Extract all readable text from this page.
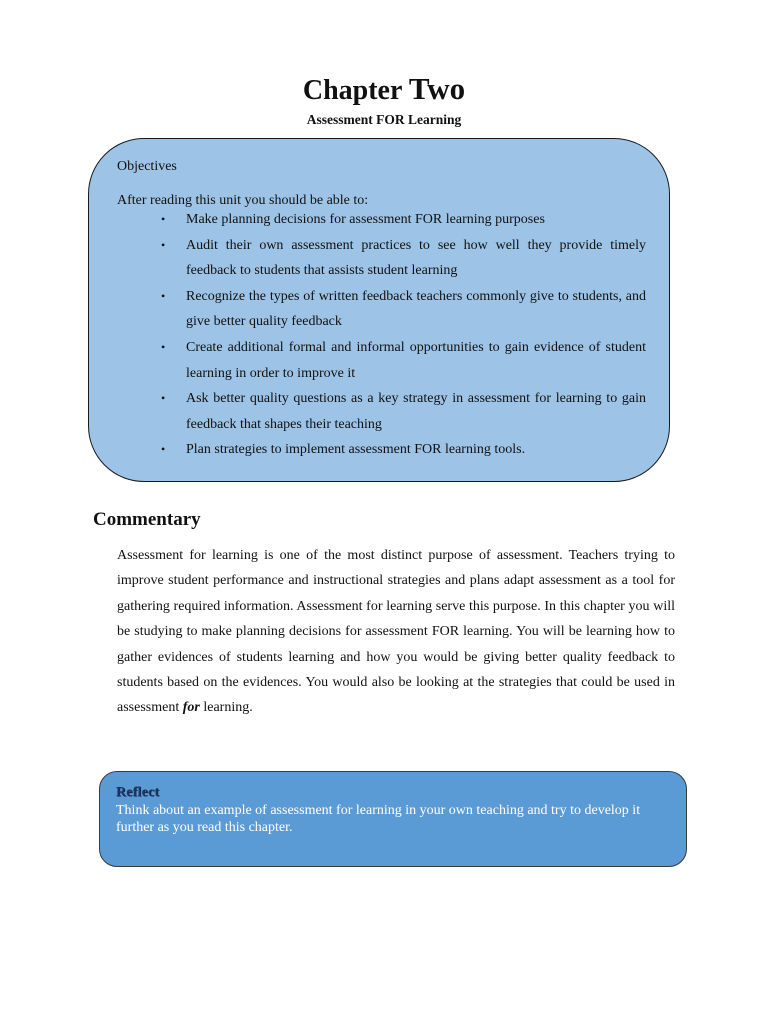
Chapter Two
Assessment FOR Learning
Objectives
After reading this unit you should be able to:
• Make planning decisions for assessment FOR learning purposes
• Audit their own assessment practices to see how well they provide timely feedback to students that assists student learning
• Recognize the types of written feedback teachers commonly give to students, and give better quality feedback
• Create additional formal and informal opportunities to gain evidence of student learning in order to improve it
• Ask better quality questions as a key strategy in assessment for learning to gain feedback that shapes their teaching
• Plan strategies to implement assessment FOR learning tools.
Commentary
Assessment for learning is one of the most distinct purpose of assessment. Teachers trying to improve student performance and instructional strategies and plans adapt assessment as a tool for gathering required information. Assessment for learning serve this purpose. In this chapter you will be studying to make planning decisions for assessment FOR learning. You will be learning how to gather evidences of students learning and how you would be giving better quality feedback to students based on the evidences. You would also be looking at the strategies that could be used in assessment for learning.
Reflect
Think about an example of assessment for learning in your own teaching and try to develop it further as you read this chapter.
